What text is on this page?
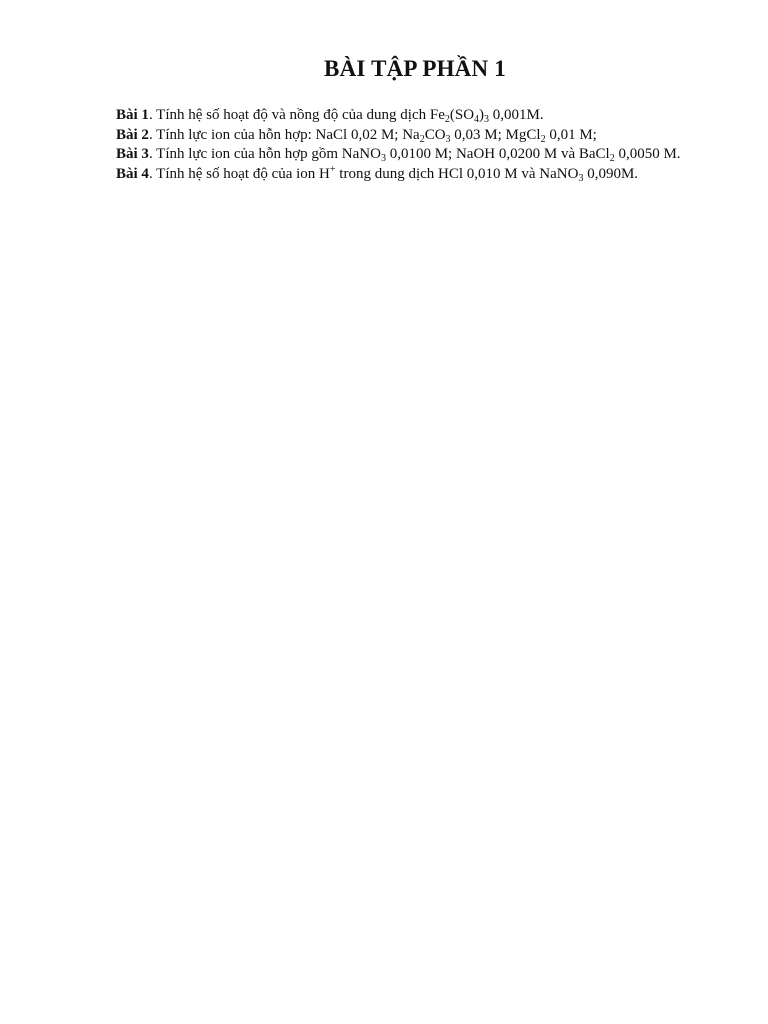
BÀI TẬP PHẦN 1

Bài 1. Tính hệ số hoạt độ và nồng độ của dung dịch $Fe_2(SO_4)_3$ 0,001M.

Bài 2. Tính lực ion của hỗn hợp: NaCl 0,02 M; $Na_2CO_3$ 0,03 M; MgCl$_2$ 0,01 M;

Bài 3. Tính lực ion của hỗn hợp gồm NaNO$_3$ 0,0100 M; NaOH 0,0200 M và BaCl$_2$ 0,0050 M.

Bài 4. Tính hệ số hoạt độ của ion H+ trong dung dịch HCl 0,010 M và NaNO$_3$ 0,090M.
